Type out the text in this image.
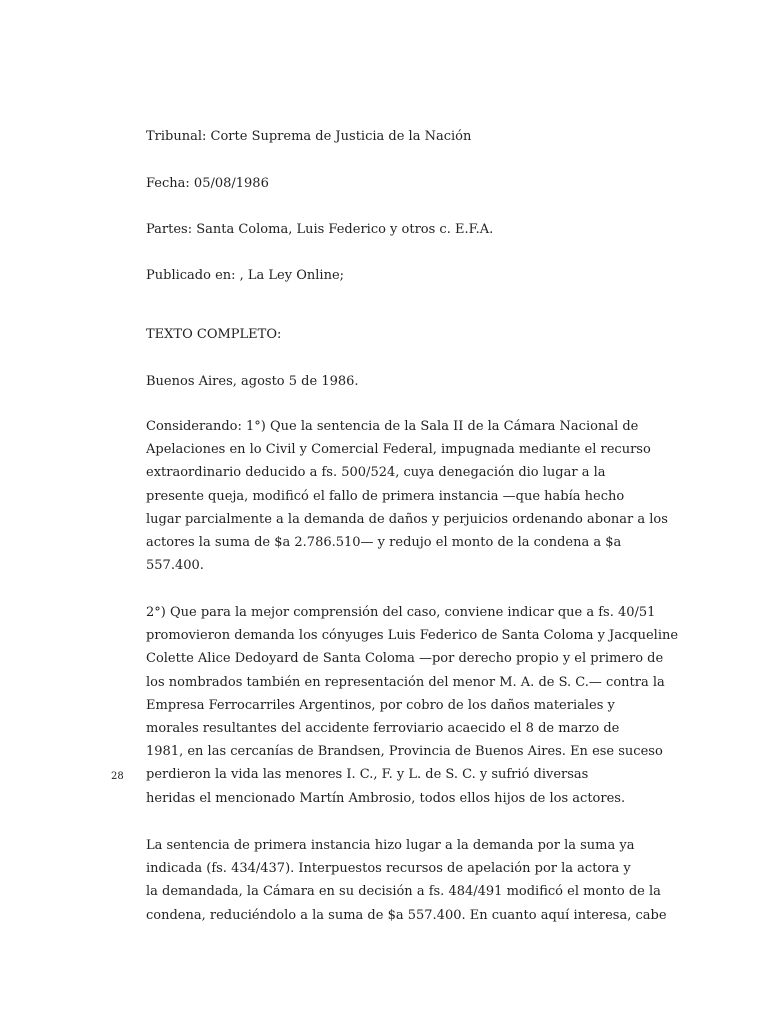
Tribunal: Corte Suprema de Justicia de la Nación
Fecha: 05/08/1986
Partes: Santa Coloma, Luis Federico y otros c. E.F.A.
Publicado en: , La Ley Online;
TEXTO COMPLETO:
Buenos Aires, agosto 5 de 1986.
Considerando: 1°) Que la sentencia de la Sala II de la Cámara Nacional de
Apelaciones en lo Civil y Comercial Federal, impugnada mediante el recurso
extraordinario deducido a fs. 500/524, cuya denegación dio lugar a la
presente queja, modificó el fallo de primera instancia —que había hecho
lugar parcialmente a la demanda de daños y perjuicios ordenando abonar a los
actores la suma de $a 2.786.510— y redujo el monto de la condena a $a
557.400.
2°) Que para la mejor comprensión del caso, conviene indicar que a fs. 40/51
promovieron demanda los cónyuges Luis Federico de Santa Coloma y Jacqueline
Colette Alice Dedoyard de Santa Coloma —por derecho propio y el primero de
los nombrados también en representación del menor M. A. de S. C.— contra la
Empresa Ferrocarriles Argentinos, por cobro de los daños materiales y
morales resultantes del accidente ferroviario acaecido el 8 de marzo de
1981, en las cercanías de Brandsen, Provincia de Buenos Aires. En ese suceso
perdieron la vida las menores I. C., F. y L. de S. C. y sufrió diversas
heridas el mencionado Martín Ambrosio, todos ellos hijos de los actores.
28
La sentencia de primera instancia hizo lugar a la demanda por la suma ya
indicada (fs. 434/437). Interpuestos recursos de apelación por la actora y
la demandada, la Cámara en su decisión a fs. 484/491 modificó el monto de la
condena, reduciéndolo a la suma de $a 557.400. En cuanto aquí interesa, cabe
